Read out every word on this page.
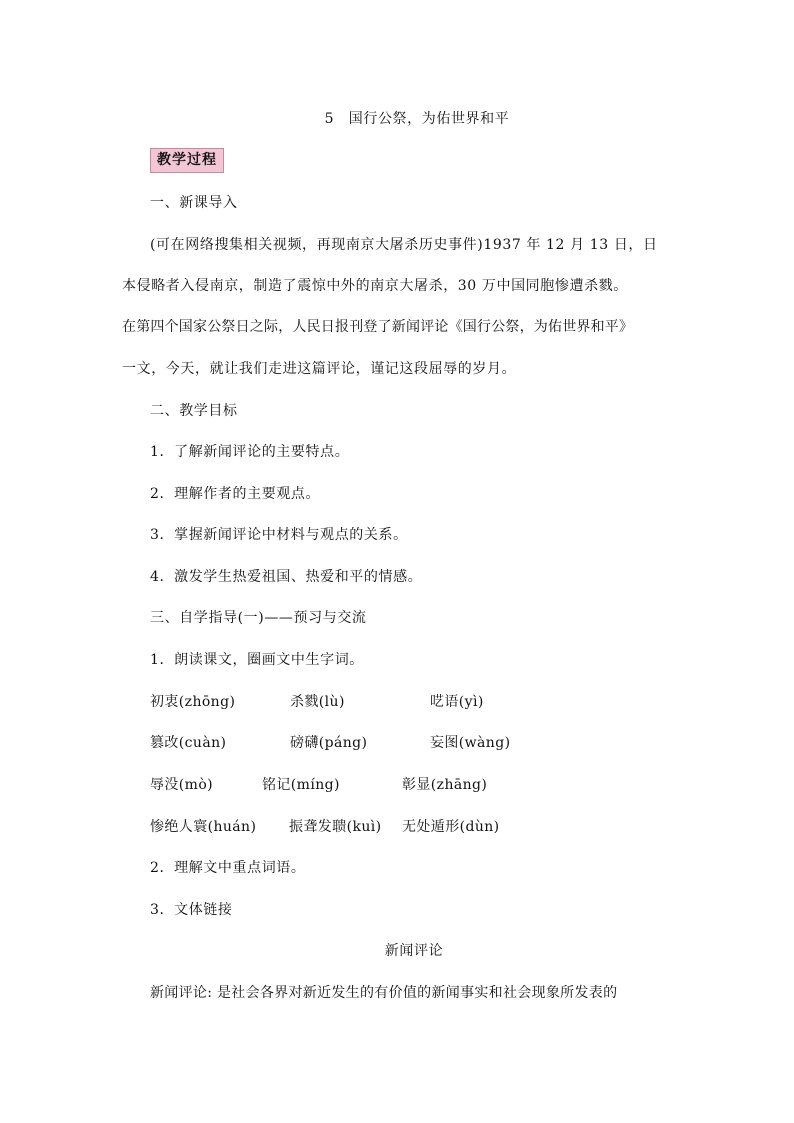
5　国行公祭，为佑世界和平
教学过程
一、新课导入
(可在网络搜集相关视频，再现南京大屠杀历史事件)1937 年 12 月 13 日，日
本侵略者入侵南京，制造了震惊中外的南京大屠杀，30 万中国同胞惨遭杀戮。
在第四个国家公祭日之际，人民日报刊登了新闻评论《国行公祭，为佑世界和平》
一文，今天，就让我们走进这篇评论，谨记这段屈辱的岁月。
二、教学目标
1．了解新闻评论的主要特点。
2．理解作者的主要观点。
3．掌握新闻评论中材料与观点的关系。
4．激发学生热爱祖国、热爱和平的情感。
三、自学指导(一)——预习与交流
1．朗读课文，圈画文中生字词。
初衷(zhōng)	杀戮(lù)	呓语(yì)
篡改(cuàn)	磅礴(páng)	妄图(wàng)
辱没(mò)	铭记(míng)	彰显(zhāng)
惨绝人寰(huán) 振聋发聩(kuì) 无处遁形(dùn)
2．理解文中重点词语。
3．文体链接
新闻评论
新闻评论: 是社会各界对新近发生的有价值的新闻事实和社会现象所发表的
